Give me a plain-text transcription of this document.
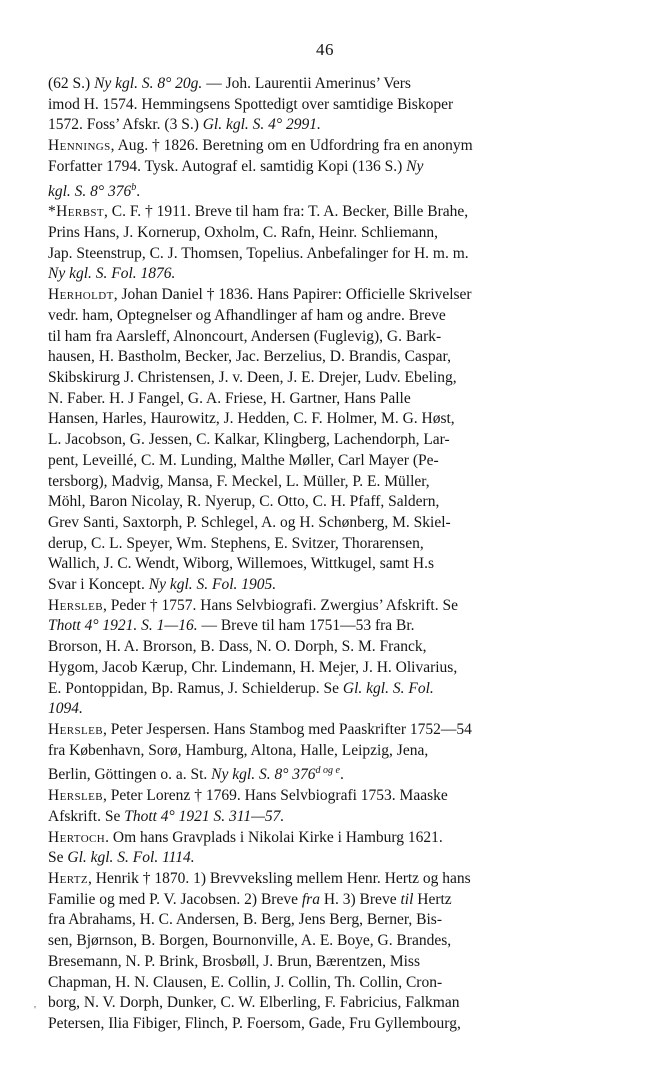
46

(62 S.) Ny kgl. S. 8° 20g. — Joh. Laurentii Amerinus’ Vers
imod H. 1574. Hemmingsens Spottedigt over samtidige Biskoper
1572. Foss’ Afskr. (3 S.) Gl. kgl. S. 4° 2991.

Hennings, Aug. † 1826. Beretning om en Udfordring fra en anonym
Forfatter 1794. Tysk. Autograf el. samtidig Kopi (136 S.) Ny
kgl. S. 8° 376$^b$.

*Herbst, C. F. † 1911. Breve til ham fra: T. A. Becker, Bille Brahe,
Prins Hans, J. Kornerup, Oxholm, C. Rafn, Heinr. Schliemann,
Jap. Steenstrup, C. J. Thomsen, Topelius. Anbefalinger for H. m. m.
Ny kgl. S. Fol. 1876.

Herholdt, Johan Daniel † 1836. Hans Papirer: Officielle Skrivelser
vedr. ham, Optegnelser og Afhandlinger af ham og andre. Breve
til ham fra Aarsleff, Alnoncourt, Andersen (Fuglevig), G. Bark-
hausen, H. Bastholm, Becker, Jac. Berzelius, D. Brandis, Caspar,
Skibskirurg J. Christensen, J. v. Deen, J. E. Drejer, Ludv. Ebeling,
N. Faber. H. J Fangel, G. A. Friese, H. Gartner, Hans Palle
Hansen, Harles, Haurowitz, J. Hedden, C. F. Holmer, M. G. Høst,
L. Jacobson, G. Jessen, C. Kalkar, Klingberg, Lachendorph, Lar-
pent, Leveillé, C. M. Lunding, Malthe Møller, Carl Mayer (Pe-
tersborg), Madvig, Mansa, F. Meckel, L. Müller, P. E. Müller,
Möhl, Baron Nicolay, R. Nyerup, C. Otto, C. H. Pfaff, Saldern,
Grev Santi, Saxtorph, P. Schlegel, A. og H. Schønberg, M. Skiel-
derup, C. L. Speyer, Wm. Stephens, E. Svitzer, Thorarensen,
Wallich, J. C. Wendt, Wiborg, Willemoes, Wittkugel, samt H.s
Svar i Koncept. Ny kgl. S. Fol. 1905.

Hersleb, Peder † 1757. Hans Selvbiografi. Zwergius’ Afskrift. Se
Thott 4° 1921. S. 1—16. — Breve til ham 1751—53 fra Br.
Brorson, H. A. Brorson, B. Dass, N. O. Dorph, S. M. Franck,
Hygom, Jacob Kærup, Chr. Lindemann, H. Mejer, J. H. Olivarius,
E. Pontoppidan, Bp. Ramus, J. Schielderup. Se Gl. kgl. S. Fol.
1094.

Hersleb, Peter Jespersen. Hans Stambog med Paaskrifter 1752—54
fra København, Sorø, Hamburg, Altona, Halle, Leipzig, Jena,
Berlin, Göttingen o. a. St. Ny kgl. S. 8° $376^{d og e}$.

Hersleb, Peter Lorenz † 1769. Hans Selvbiografi 1753. Maaske
Afskrift. Se Thott 4° 1921 S. 311—57.

Hertoch. Om hans Gravplads i Nikolai Kirke i Hamburg 1621.
Se Gl. kgl. S. Fol. 1114.

Hertz, Henrik † 1870. 1) Brevveksling mellem Henr. Hertz og hans
Familie og med P. V. Jacobsen. 2) Breve fra H. 3) Breve til Hertz
fra Abrahams, H. C. Andersen, B. Berg, Jens Berg, Berner, Bis-
sen, Bjørnson, B. Borgen, Bournonville, A. E. Boye, G. Brandes,
Bresemann, N. P. Brink, Brosbøll, J. Brun, Bærentzen, Miss
Chapman, H. N. Clausen, E. Collin, J. Collin, Th. Collin, Cron-
borg, N. V. Dorph, Dunker, C. W. Elberling, F. Fabricius, Falkman
Petersen, Ilia Fibiger, Flinch, P. Foersom, Gade, Fru Gyllembourg,

'
